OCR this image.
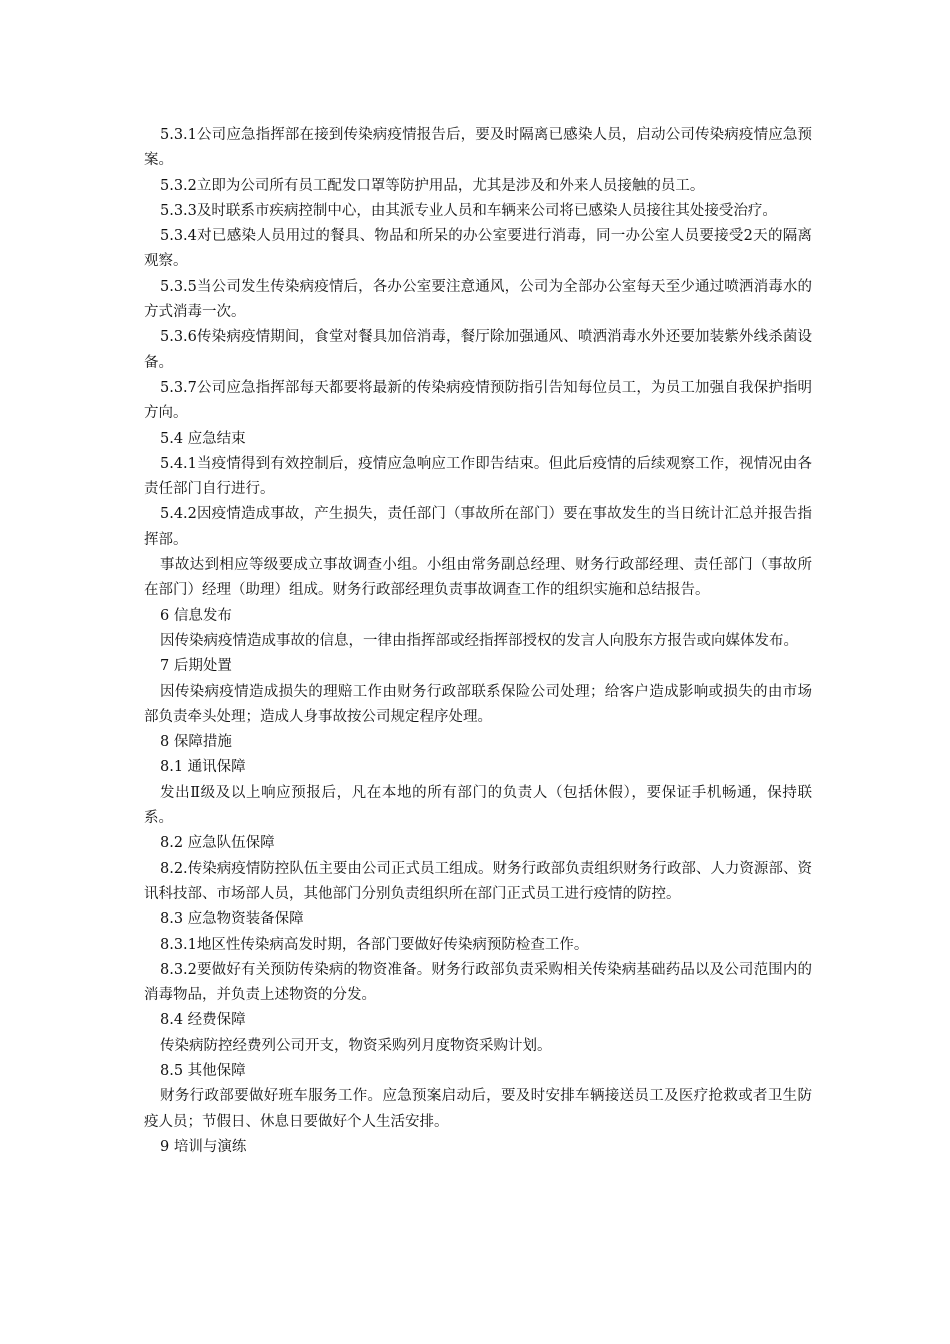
5.3.1公司应急指挥部在接到传染病疫情报告后，要及时隔离已感染人员，启动公司传染病疫情应急预案。

5.3.2立即为公司所有员工配发口罩等防护用品，尤其是涉及和外来人员接触的员工。

5.3.3及时联系市疾病控制中心，由其派专业人员和车辆来公司将已感染人员接往其处接受治疗。

5.3.4对已感染人员用过的餐具、物品和所呆的办公室要进行消毒，同一办公室人员要接受2天的隔离观察。

5.3.5当公司发生传染病疫情后，各办公室要注意通风，公司为全部办公室每天至少通过喷洒消毒水的方式消毒一次。

5.3.6传染病疫情期间，食堂对餐具加倍消毒，餐厅除加强通风、喷洒消毒水外还要加装紫外线杀菌设备。

5.3.7公司应急指挥部每天都要将最新的传染病疫情预防指引告知每位员工，为员工加强自我保护指明方向。

5.4 应急结束

5.4.1当疫情得到有效控制后，疫情应急响应工作即告结束。但此后疫情的后续观察工作，视情况由各责任部门自行进行。

5.4.2因疫情造成事故，产生损失，责任部门（事故所在部门）要在事故发生的当日统计汇总并报告指挥部。

事故达到相应等级要成立事故调查小组。小组由常务副总经理、财务行政部经理、责任部门（事故所在部门）经理（助理）组成。财务行政部经理负责事故调查工作的组织实施和总结报告。

6 信息发布

因传染病疫情造成事故的信息，一律由指挥部或经指挥部授权的发言人向股东方报告或向媒体发布。

7 后期处置

因传染病疫情造成损失的理赔工作由财务行政部联系保险公司处理；给客户造成影响或损失的由市场部负责牵头处理；造成人身事故按公司规定程序处理。

8 保障措施

8.1 通讯保障

发出Ⅱ级及以上响应预报后，凡在本地的所有部门的负责人（包括休假），要保证手机畅通，保持联系。

8.2 应急队伍保障

8.2.传染病疫情防控队伍主要由公司正式员工组成。财务行政部负责组织财务行政部、人力资源部、资讯科技部、市场部人员，其他部门分别负责组织所在部门正式员工进行疫情的防控。

8.3 应急物资装备保障

8.3.1地区性传染病高发时期，各部门要做好传染病预防检查工作。

8.3.2要做好有关预防传染病的物资准备。财务行政部负责采购相关传染病基础药品以及公司范围内的消毒物品，并负责上述物资的分发。

8.4 经费保障

传染病防控经费列公司开支，物资采购列月度物资采购计划。

8.5 其他保障

财务行政部要做好班车服务工作。应急预案启动后，要及时安排车辆接送员工及医疗抢救或者卫生防疫人员；节假日、休息日要做好个人生活安排。

9 培训与演练
